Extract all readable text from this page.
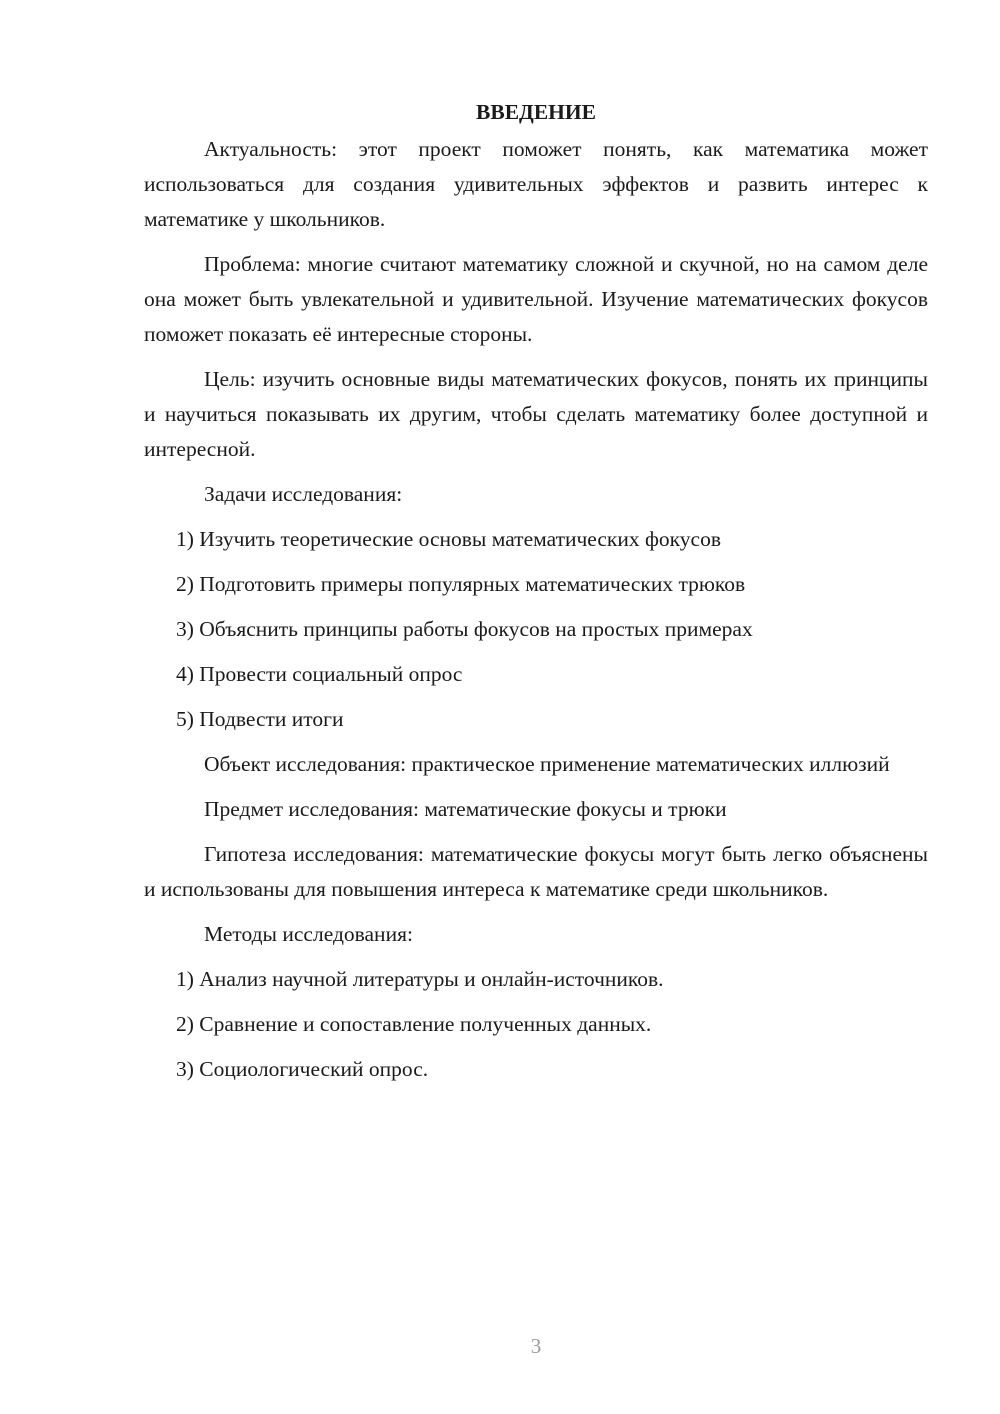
ВВЕДЕНИЕ

Актуальность: этот проект поможет понять, как математика может использоваться для создания удивительных эффектов и развить интерес к математике у школьников.

Проблема: многие считают математику сложной и скучной, но на самом деле она может быть увлекательной и удивительной. Изучение математических фокусов поможет показать её интересные стороны.

Цель: изучить основные виды математических фокусов, понять их принципы и научиться показывать их другим, чтобы сделать математику более доступной и интересной.

Задачи исследования:

1) Изучить теоретические основы математических фокусов

2) Подготовить примеры популярных математических трюков

3) Объяснить принципы работы фокусов на простых примерах

4) Провести социальный опрос

5) Подвести итоги

Объект исследования: практическое применение математических иллюзий

Предмет исследования: математические фокусы и трюки

Гипотеза исследования: математические фокусы могут быть легко объяснены и использованы для повышения интереса к математике среди школьников.

Методы исследования:

1) Анализ научной литературы и онлайн-источников.

2) Сравнение и сопоставление полученных данных.

3) Социологический опрос.

3
